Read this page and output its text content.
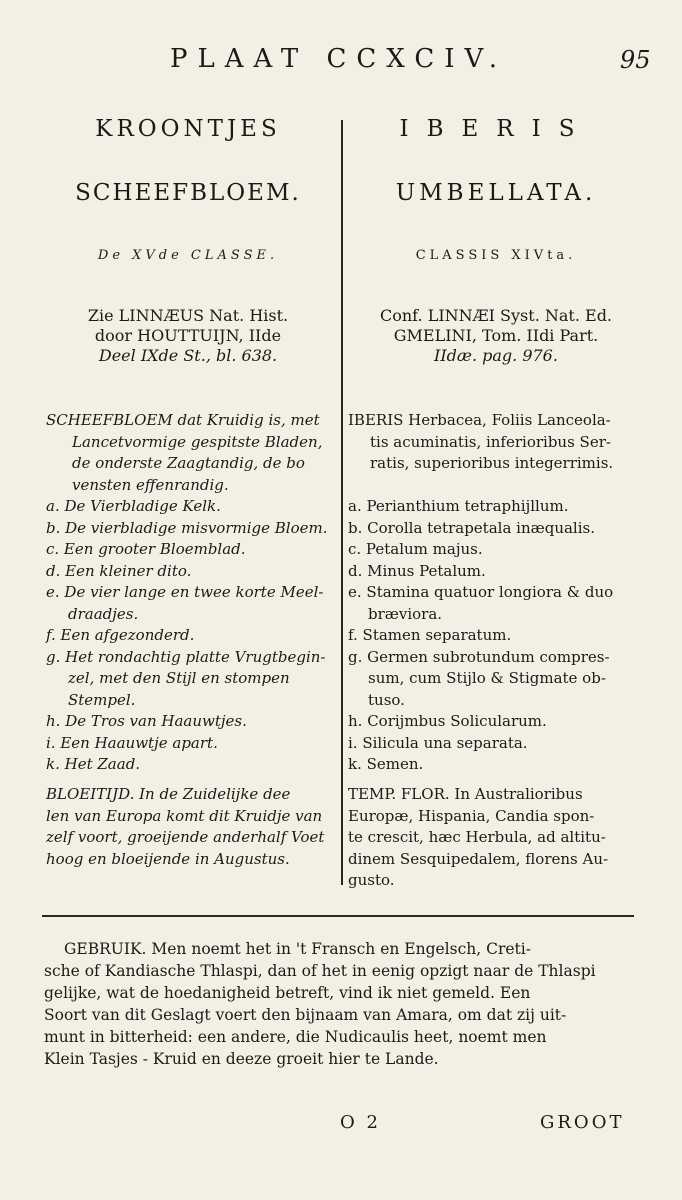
PLAAT CCXCIV.	95
KROONTJES
SCHEEFBLOEM.
De XVde CLASSE.
Zie LINNÆUS Nat. Hist.
door HOUTTUIJN, IIde
Deel IXde St., bl. 638.
SCHEEFBLOEM dat Kruidig is, met
Lancetvormige gespitste Bladen,
de onderste Zaagtandig, de bo
vensten effenrandig.
a. De Vierbladige Kelk.
b. De vierbladige misvormige Bloem.
c. Een grooter Bloemblad.
d. Een kleiner dito.
e. De vier lange en twee korte Meel-
draadjes.
f. Een afgezonderd.
g. Het rondachtig platte Vrugtbegin-
zel, met den Stijl en stompen
Stempel.
h. De Tros van Haauwtjes.
i. Een Haauwtje apart.
k. Het Zaad.
BLOEITIJD. In de Zuidelijke dee
len van Europa komt dit Kruidje van
zelf voort, groeijende anderhalf Voet
hoog en bloeijende in Augustus.
IBERIS
UMBELLATA.
CLASSIS XIVta.
Conf. LINNÆI Syst. Nat. Ed.
GMELINI, Tom. IIdi Part.
IIdæ. pag. 976.
IBERIS Herbacea, Foliis Lanceola-
tis acuminatis, inferioribus Ser-
ratis, superioribus integerrimis.
a. Perianthium tetraphijllum.
b. Corolla tetrapetala inæqualis.
c. Petalum majus.
d. Minus Petalum.
e. Stamina quatuor longiora & duo
bræviora.
f. Stamen separatum.
g. Germen subrotundum compres-
sum, cum Stijlo & Stigmate ob-
tuso.
h. Corijmbus Solicularum.
i. Silicula una separata.
k. Semen.
TEMP. FLOR. In Australioribus
Europæ, Hispania, Candia spon-
te crescit, hæc Herbula, ad altitu-
dinem Sesquipedalem, florens Au-
gusto.
GEBRUIK. Men noemt het in 't Fransch en Engelsch, Creti-
sche of Kandiasche Thlaspi, dan of het in eenig opzigt naar de Thlaspi
gelijke, wat de hoedanigheid betreft, vind ik niet gemeld. Een
Soort van dit Geslagt voert den bijnaam van Amara, om dat zij uit-
munt in bitterheid: een andere, die Nudicaulis heet, noemt men
Klein Tasjes - Kruid en deeze groeit hier te Lande.
O 2	GROOT
